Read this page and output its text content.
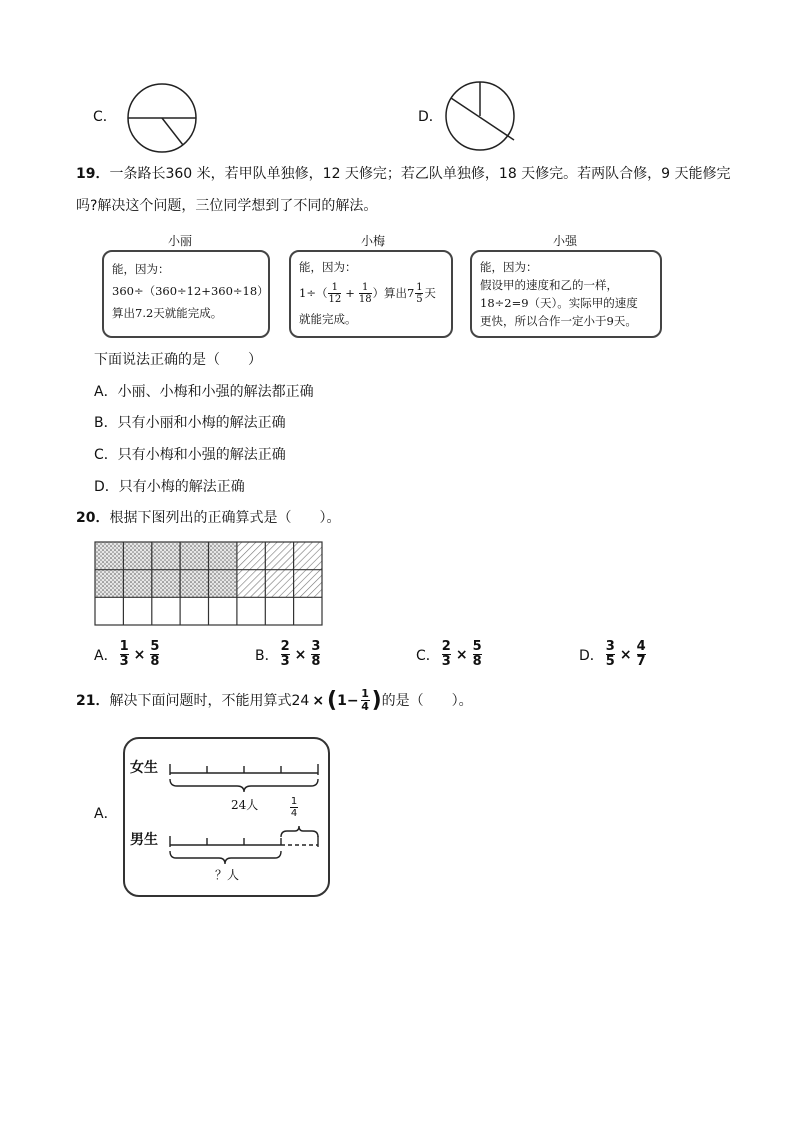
C．	D．
19．一条路长360 米，若甲队单独修，12 天修完；若乙队单独修，18 天修完。若两队合修，9 天能修完
吗?解决这个问题，三位同学想到了不同的解法。
小丽
能，因为：
360÷（360÷12+360÷18）
算出7.2天就能完成。
小梅
能，因为：
1÷（ 1
12 + 1
18 ）算出7 1
5 天
就能完成。
小强
能，因为：
假设甲的速度和乙的一样，
18÷2=9（天）。实际甲的速度
更快，所以合作一定小于9天。
下面说法正确的是（　　）
A．小丽、小梅和小强的解法都正确
B．只有小丽和小梅的解法正确
C．只有小梅和小强的解法正确
D．只有小梅的解法正确
20．根据下图列出的正确算式是（　　）。
A． $\frac{1}{3} \times \frac{5}{8}$	B． $\frac{2}{3} \times \frac{3}{8}$	C． $\frac{2}{3} \times \frac{5}{8}$	D． $\frac{3}{5} \times \frac{4}{7}$
21． 解决下面问题时，不能用算式24 × ( $1- \frac{1}{4}$ ) 的是（　　）。
A．
女生
24人	$\frac{1}{4}$
男生
？人
